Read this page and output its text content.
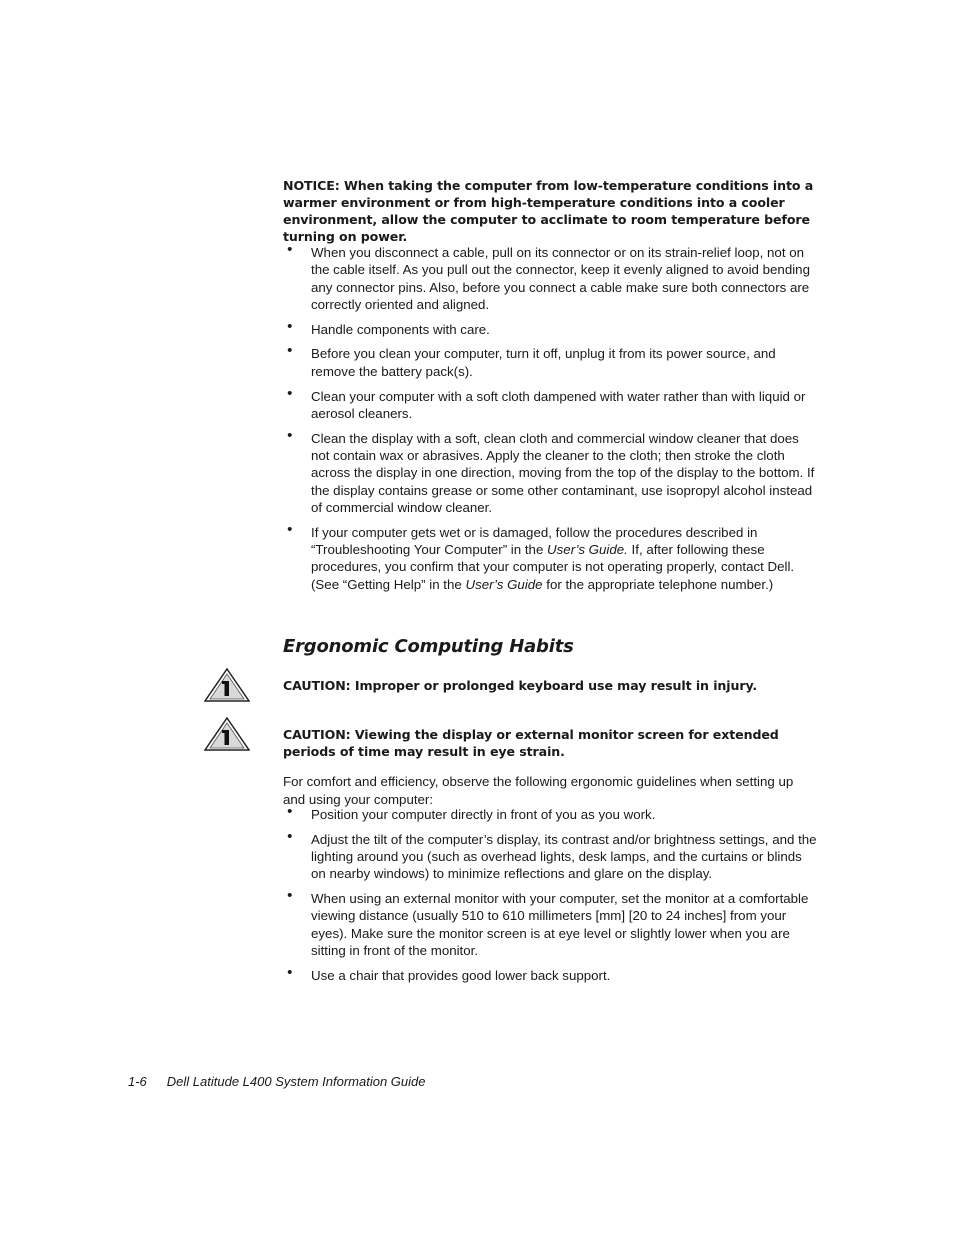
NOTICE: When taking the computer from low-temperature conditions into a warmer environment or from high-temperature conditions into a cooler environment, allow the computer to acclimate to room temperature before turning on power.

• When you disconnect a cable, pull on its connector or on its strain-relief loop, not on the cable itself. As you pull out the connector, keep it evenly aligned to avoid bending any connector pins. Also, before you connect a cable make sure both connectors are correctly oriented and aligned.
• Handle components with care.
• Before you clean your computer, turn it off, unplug it from its power source, and remove the battery pack(s).
• Clean your computer with a soft cloth dampened with water rather than with liquid or aerosol cleaners.
• Clean the display with a soft, clean cloth and commercial window cleaner that does not contain wax or abrasives. Apply the cleaner to the cloth; then stroke the cloth across the display in one direction, moving from the top of the display to the bottom. If the display contains grease or some other contaminant, use isopropyl alcohol instead of commercial window cleaner.
• If your computer gets wet or is damaged, follow the procedures described in “Troubleshooting Your Computer” in the User’s Guide. If, after following these procedures, you confirm that your computer is not operating properly, contact Dell. (See “Getting Help” in the User’s Guide for the appropriate telephone number.)
Ergonomic Computing Habits

CAUTION: Improper or prolonged keyboard use may result in injury.

CAUTION: Viewing the display or external monitor screen for extended periods of time may result in eye strain.

For comfort and efficiency, observe the following ergonomic guidelines when setting up and using your computer:

• Position your computer directly in front of you as you work.
• Adjust the tilt of the computer’s display, its contrast and/or brightness settings, and the lighting around you (such as overhead lights, desk lamps, and the curtains or blinds on nearby windows) to minimize reflections and glare on the display.
• When using an external monitor with your computer, set the monitor at a comfortable viewing distance (usually 510 to 610 millimeters [mm] [20 to 24 inches] from your eyes). Make sure the monitor screen is at eye level or slightly lower when you are sitting in front of the monitor.
• Use a chair that provides good lower back support.
1-6 Dell Latitude L400 System Information Guide
